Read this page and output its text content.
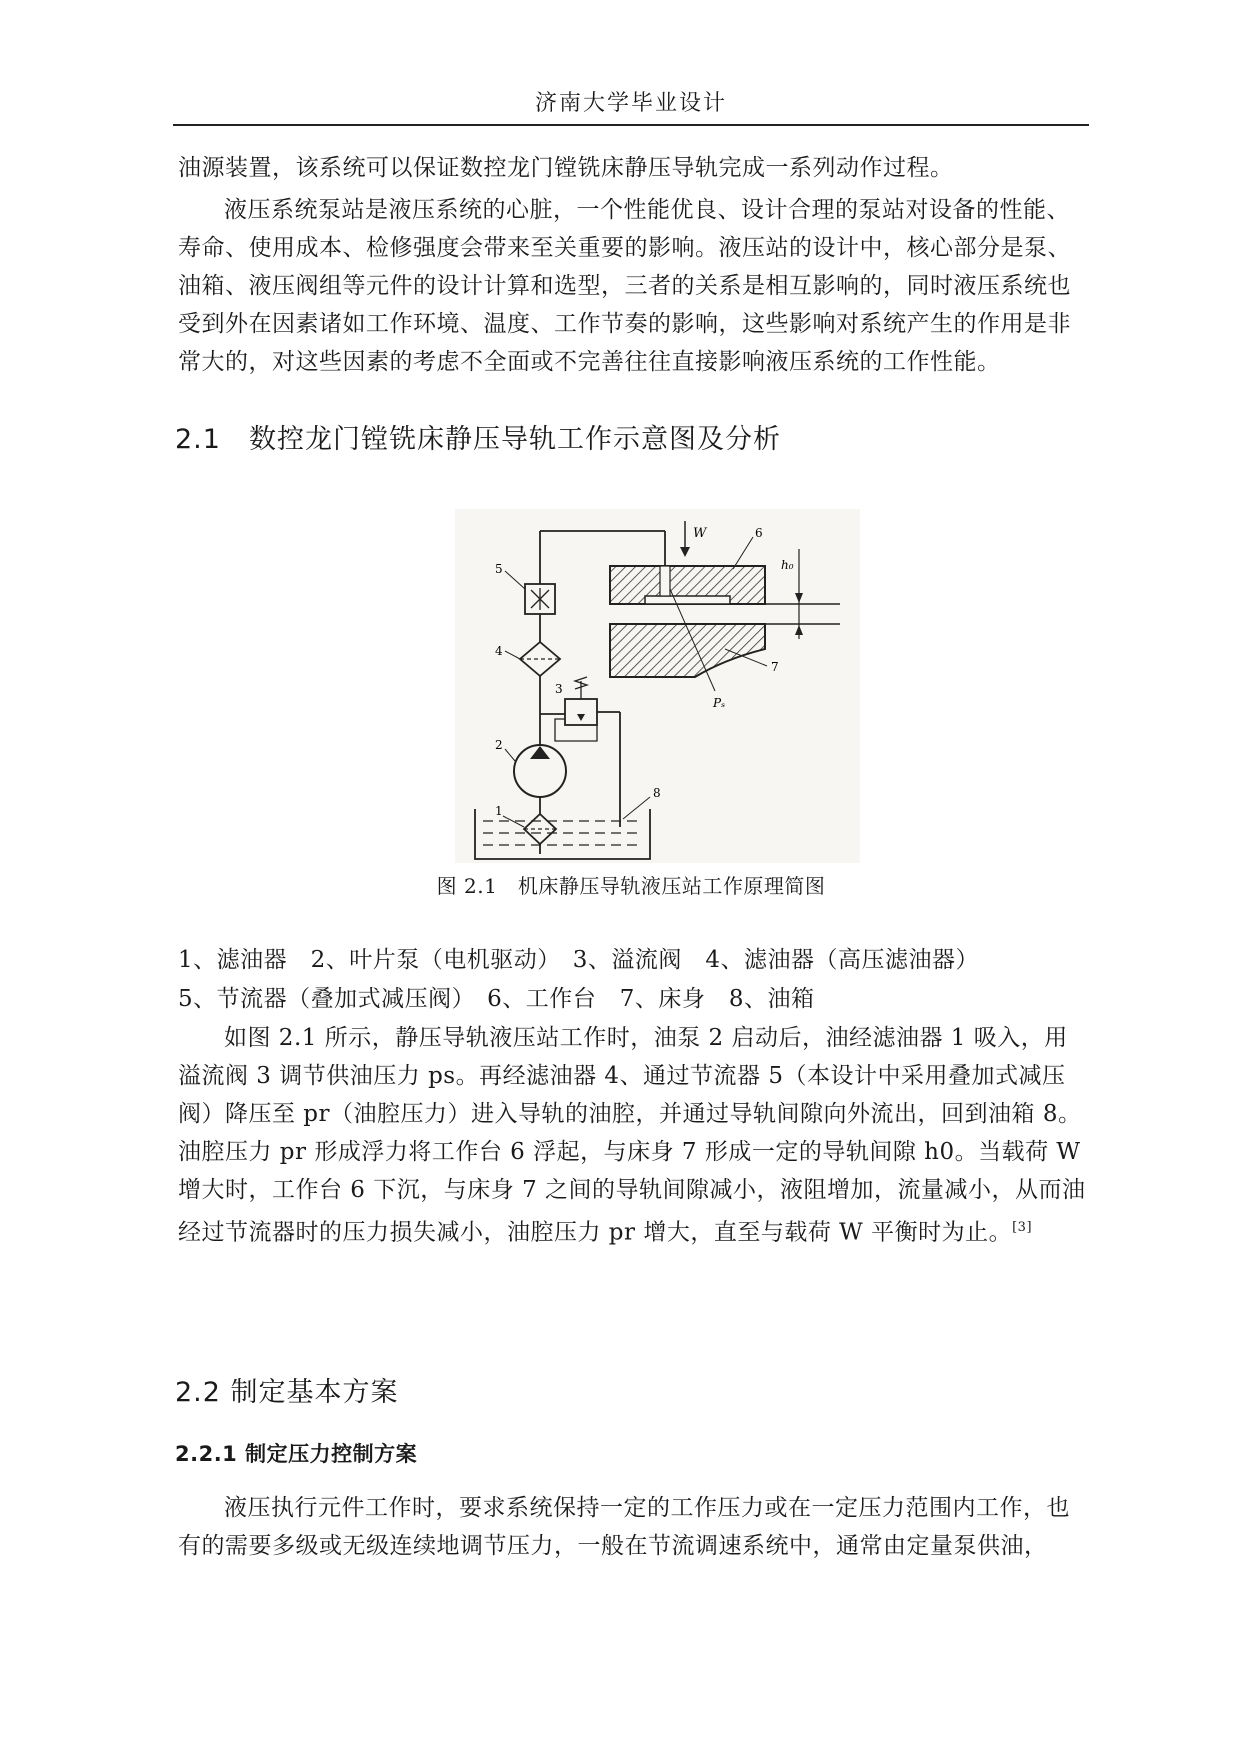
济南大学毕业设计

油源装置，该系统可以保证数控龙门镗铣床静压导轨完成一系列动作过程。

液压系统泵站是液压系统的心脏，一个性能优良、设计合理的泵站对设备的性能、寿命、使用成本、检修强度会带来至关重要的影响。液压站的设计中，核心部分是泵、油箱、液压阀组等元件的设计计算和选型，三者的关系是相互影响的，同时液压系统也受到外在因素诸如工作环境、温度、工作节奏的影响，这些影响对系统产生的作用是非常大的，对这些因素的考虑不全面或不完善往往直接影响液压系统的工作性能。

2.1　数控龙门镗铣床静压导轨工作示意图及分析
W
h₀
6
7
Pₛ
5
4
3
2
1
8
图 2.1　机床静压导轨液压站工作原理简图

1、滤油器　2、叶片泵（电机驱动）　3、溢流阀　4、滤油器（高压滤油器）

5、节流器（叠加式减压阀）　6、工作台　7、床身　8、油箱

如图 2.1 所示，静压导轨液压站工作时，油泵 2 启动后，油经滤油器 1 吸入，用溢流阀 3 调节供油压力 ps。再经滤油器 4、通过节流器 5（本设计中采用叠加式减压阀）降压至 pr（油腔压力）进入导轨的油腔，并通过导轨间隙向外流出，回到油箱 8。油腔压力 pr 形成浮力将工作台 6 浮起，与床身 7 形成一定的导轨间隙 h0。当载荷 W 增大时，工作台 6 下沉，与床身 7 之间的导轨间隙减小，液阻增加，流量减小，从而油经过节流器时的压力损失减小，油腔压力 pr 增大，直至与载荷 W 平衡时为止。[3]

2.2 制定基本方案
2.2.1 制定压力控制方案

液压执行元件工作时，要求系统保持一定的工作压力或在一定压力范围内工作，也有的需要多级或无级连续地调节压力，一般在节流调速系统中，通常由定量泵供油，
